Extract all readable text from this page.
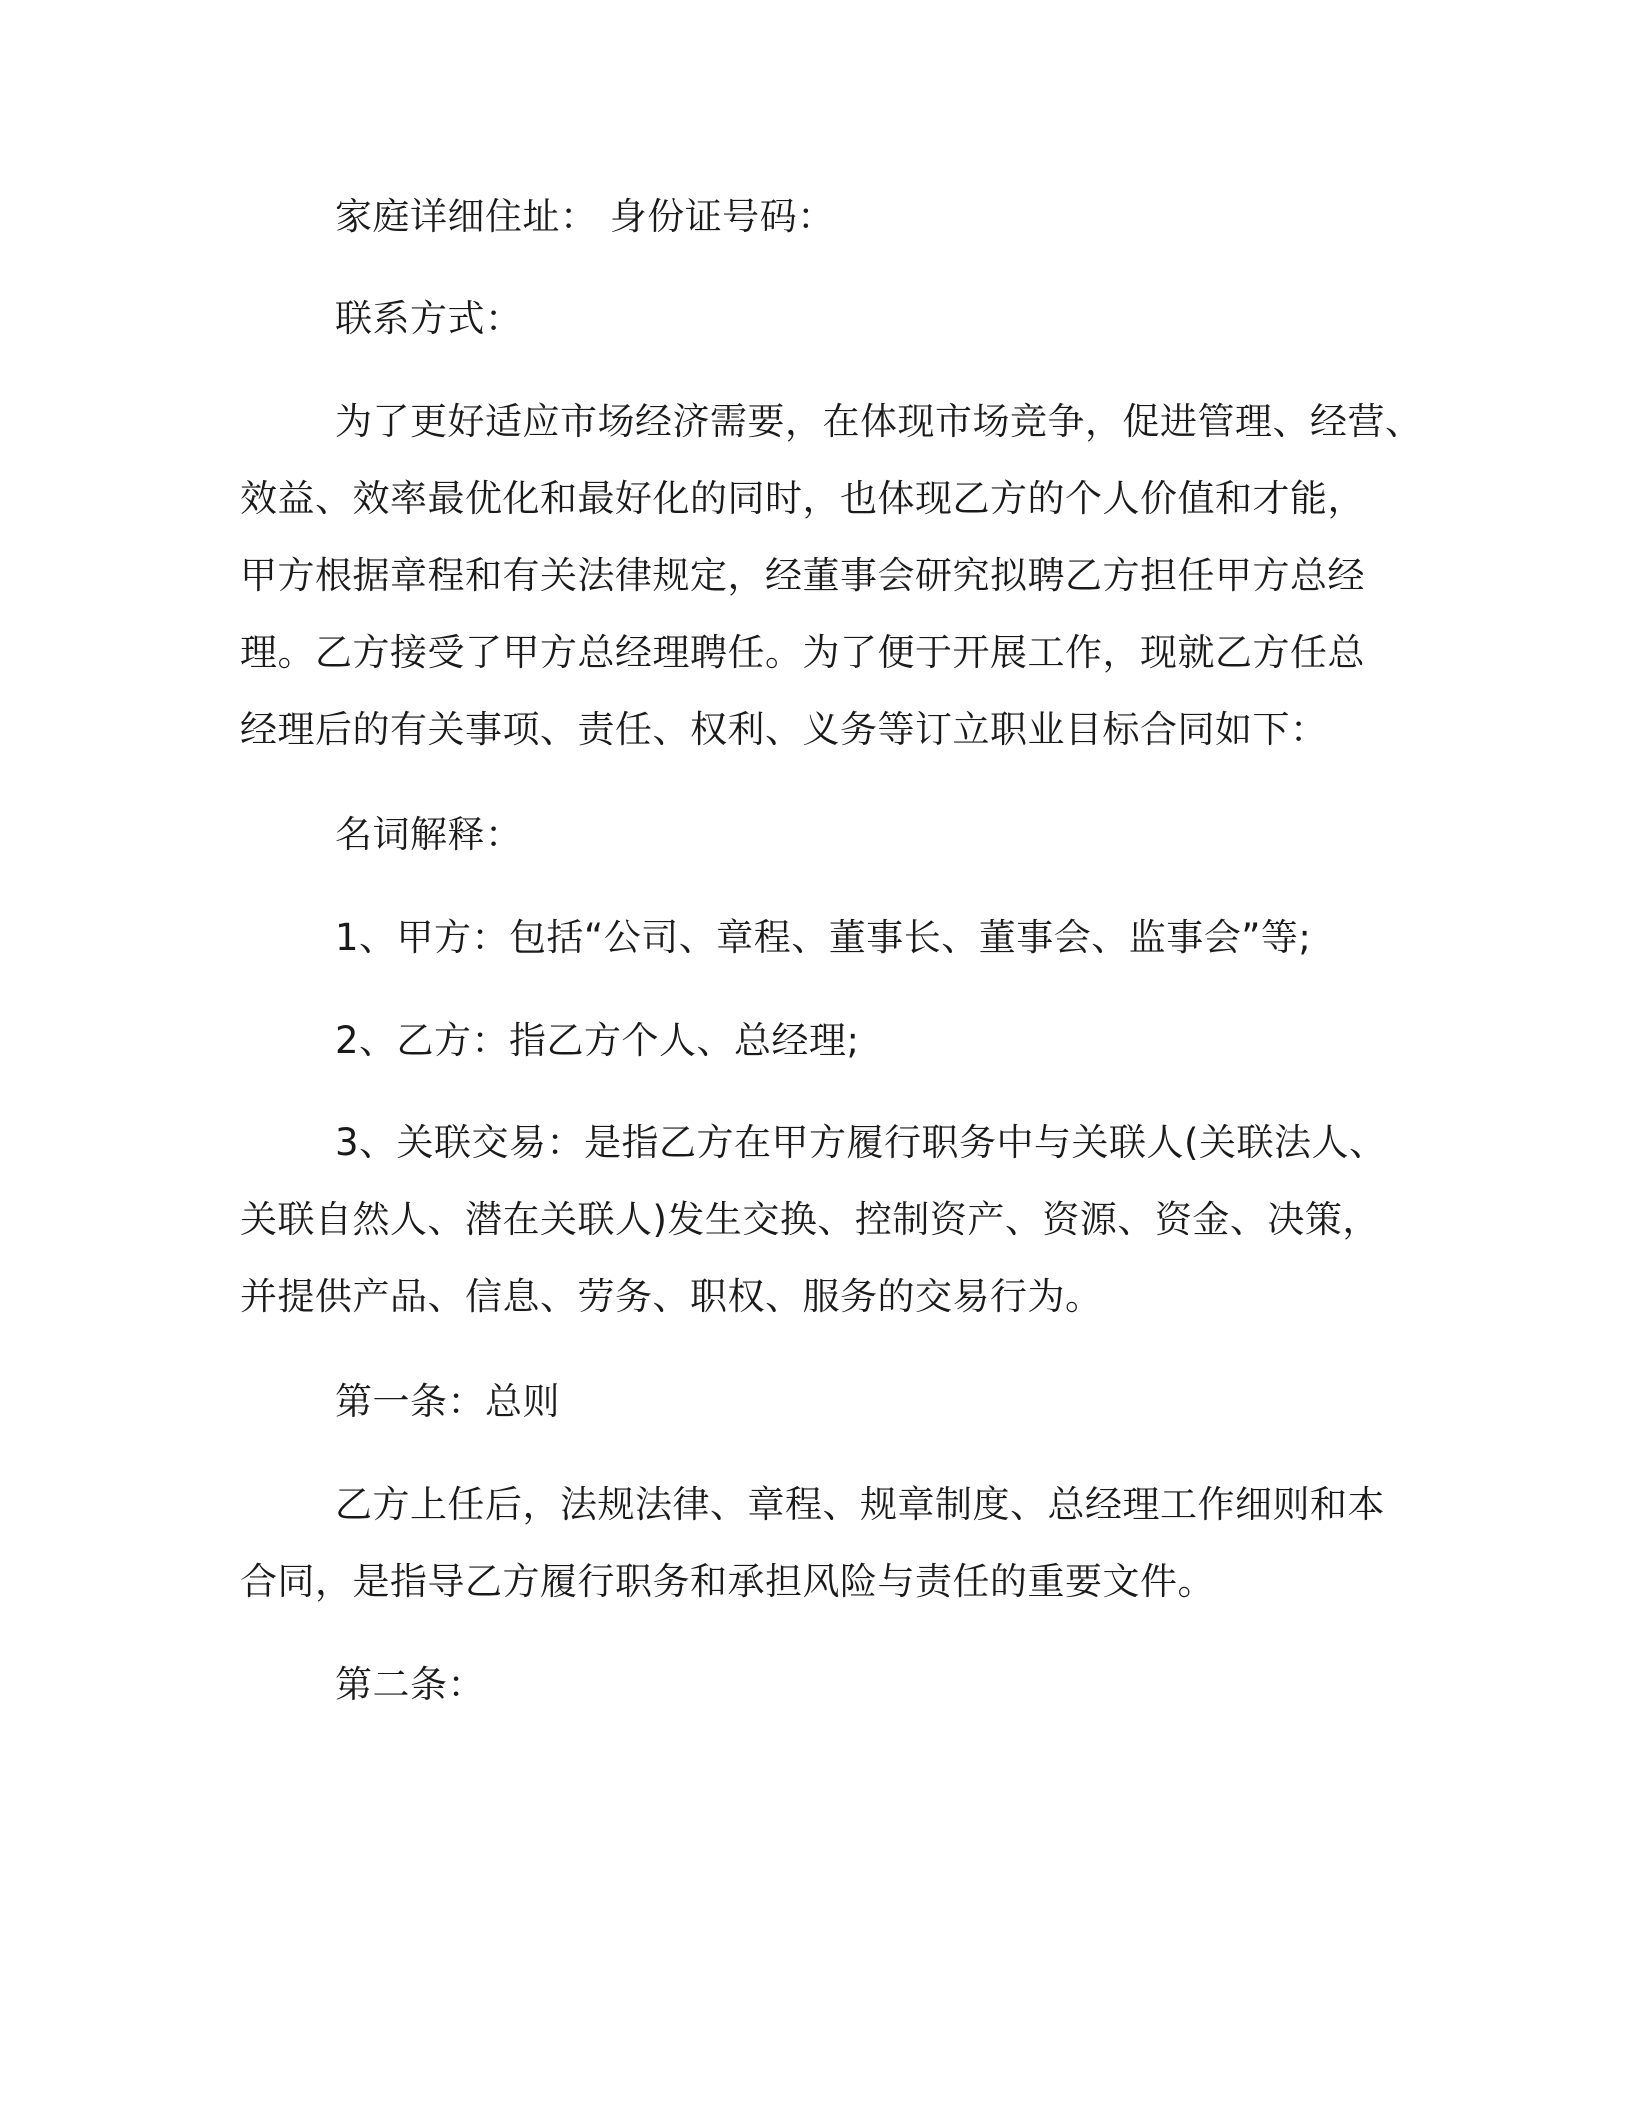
家庭详细住址： 身份证号码：
联系方式：
为了更好适应市场经济需要，在体现市场竞争，促进管理、经营、
效益、效率最优化和最好化的同时，也体现乙方的个人价值和才能，
甲方根据章程和有关法律规定，经董事会研究拟聘乙方担任甲方总经
理。乙方接受了甲方总经理聘任。为了便于开展工作，现就乙方任总
经理后的有关事项、责任、权利、义务等订立职业目标合同如下：
名词解释：
1、甲方：包括“公司、章程、董事长、董事会、监事会”等;
2、乙方：指乙方个人、总经理;
3、关联交易：是指乙方在甲方履行职务中与关联人(关联法人、
关联自然人、潜在关联人)发生交换、控制资产、资源、资金、决策，
并提供产品、信息、劳务、职权、服务的交易行为。
第一条：总则
乙方上任后，法规法律、章程、规章制度、总经理工作细则和本
合同，是指导乙方履行职务和承担风险与责任的重要文件。
第二条：
